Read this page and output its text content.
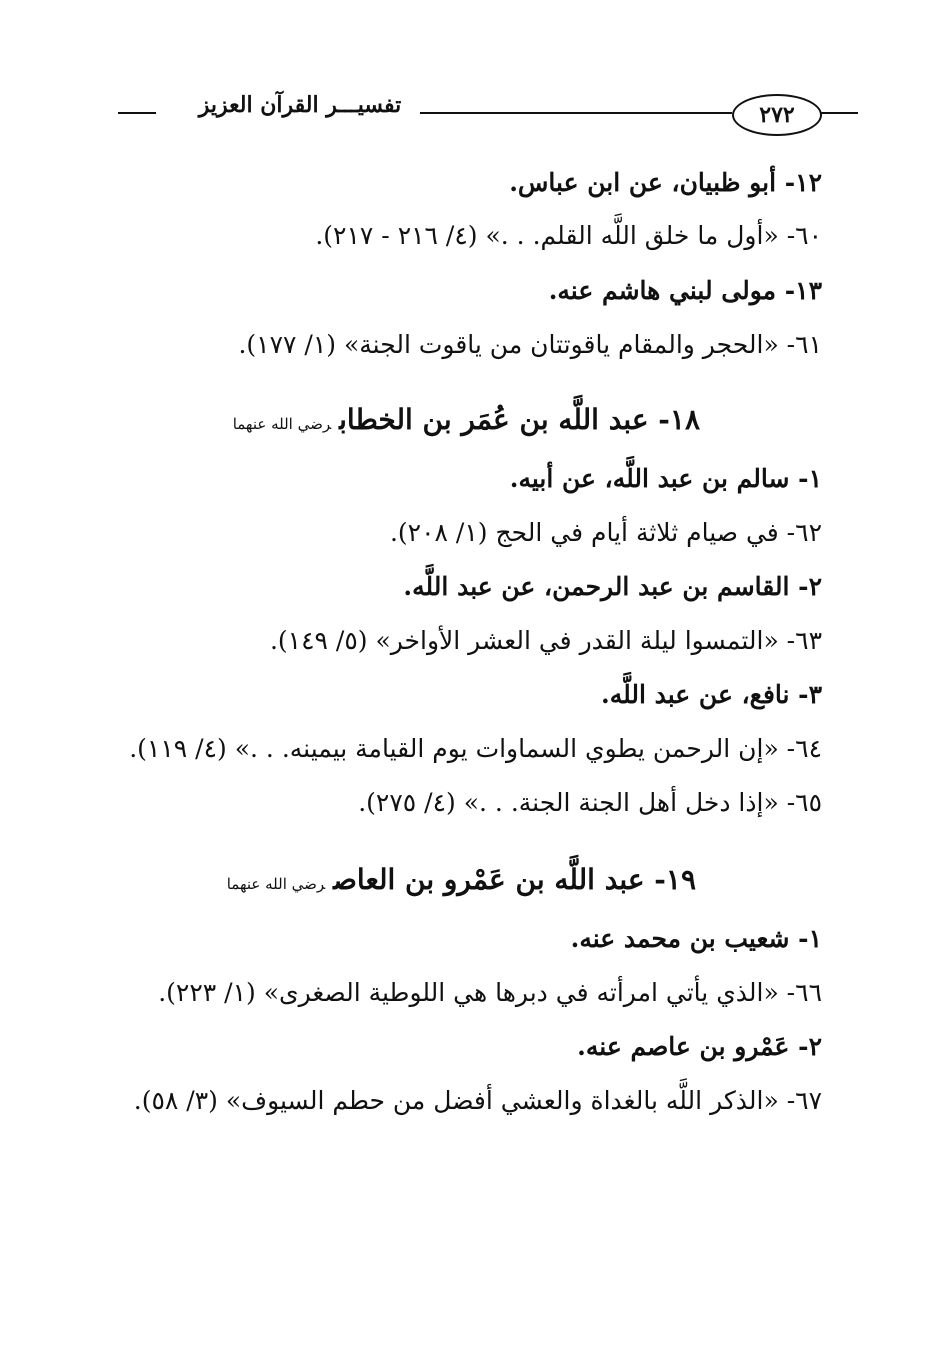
تفسيـــر القرآن العزيز	٢٧٢
١٢- أبو ظبيان، عن ابن عباس.
٦٠- «أول ما خلق اللَّه القلم. . .» (٤/ ٢١٦ - ٢١٧).
١٣- مولى لبني هاشم عنه.
٦١- «الحجر والمقام ياقوتتان من ياقوت الجنة» (١/ ١٧٧).
١٨- عبد اللَّه بن عُمَر بن الخطابرضي الله عنهما
١- سالم بن عبد اللَّه، عن أبيه.
٦٢- في صيام ثلاثة أيام في الحج (١/ ٢٠٨).
٢- القاسم بن عبد الرحمن، عن عبد اللَّه.
٦٣- «التمسوا ليلة القدر في العشر الأواخر» (٥/ ١٤٩).
٣- نافع، عن عبد اللَّه.
٦٤- «إن الرحمن يطوي السماوات يوم القيامة بيمينه. . .» (٤/ ١١٩).
٦٥- «إذا دخل أهل الجنة الجنة. . .» (٤/ ٢٧٥).
١٩- عبد اللَّه بن عَمْرو بن العاصرضي الله عنهما
١- شعيب بن محمد عنه.
٦٦- «الذي يأتي امرأته في دبرها هي اللوطية الصغرى» (١/ ٢٢٣).
٢- عَمْرو بن عاصم عنه.
٦٧- «الذكر اللَّه بالغداة والعشي أفضل من حطم السيوف» (٣/ ٥٨).
